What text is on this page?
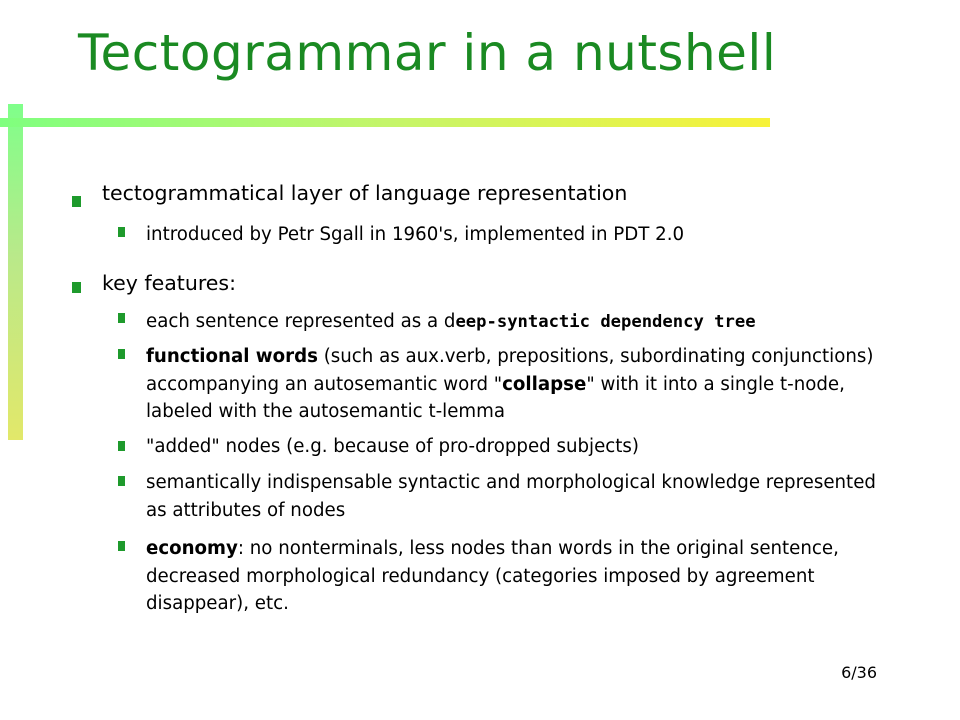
Tectogrammar in a nutshell
tectogrammatical layer of language representation
introduced by Petr Sgall in 1960's, implemented in PDT 2.0
key features:
each sentence represented as a deep-syntactic dependency tree
functional words (such as aux.verb, prepositions, subordinating conjunctions) accompanying an autosemantic word "collapse" with it into a single t-node, labeled with the autosemantic t-lemma
"added" nodes (e.g. because of pro-dropped subjects)
semantically indispensable syntactic and morphological knowledge represented as attributes of nodes
economy: no nonterminals, less nodes than words in the original sentence, decreased morphological redundancy (categories imposed by agreement disappear), etc.
6/36
